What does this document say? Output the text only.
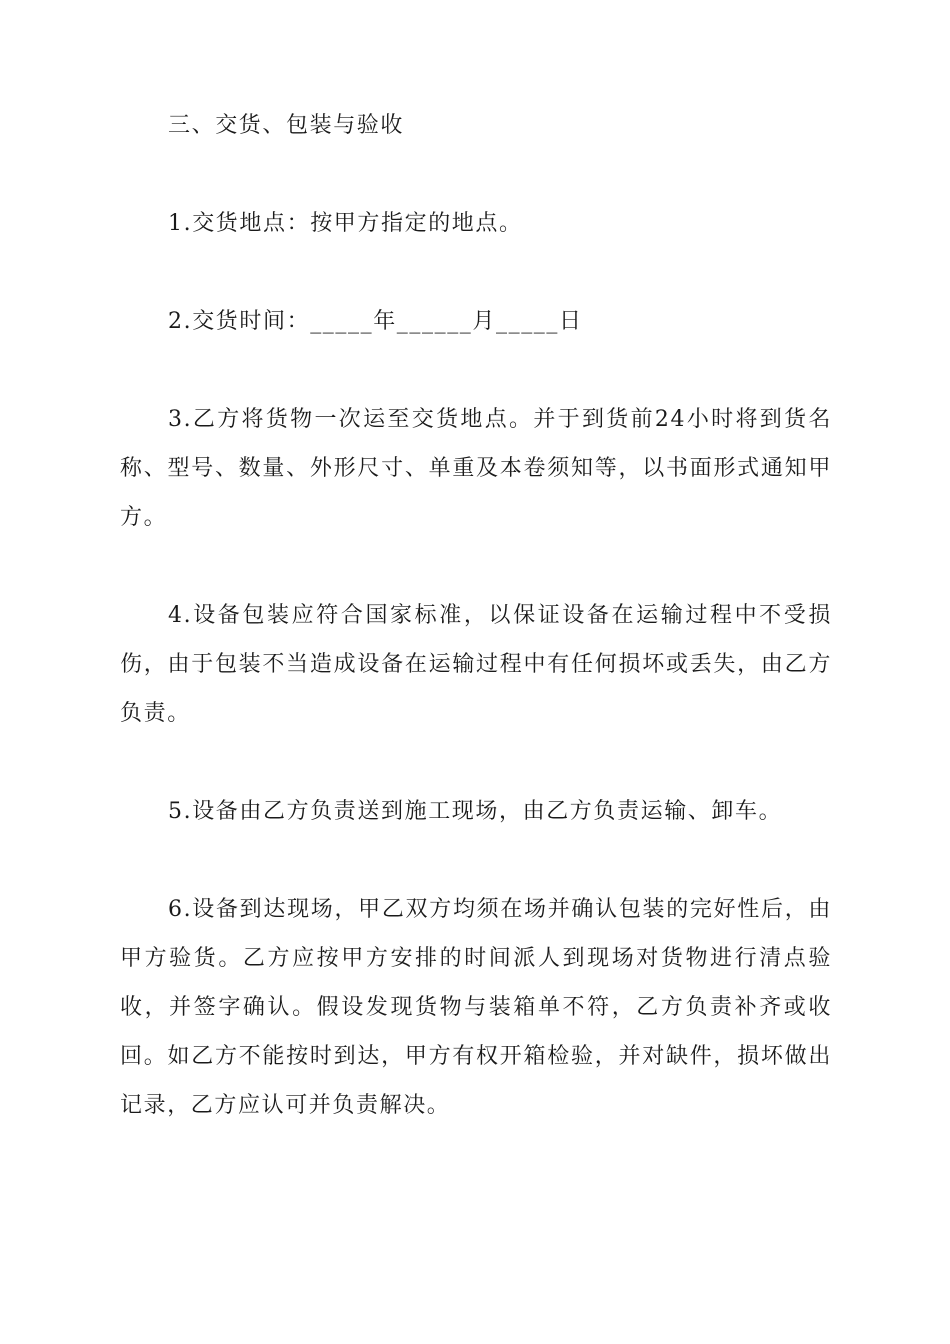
三、交货、包装与验收

1.交货地点：按甲方指定的地点。

2.交货时间：_____年______月_____日

3.乙方将货物一次运至交货地点。并于到货前24小时将到货名称、型号、数量、外形尺寸、单重及本卷须知等，以书面形式通知甲方。

4.设备包装应符合国家标准，以保证设备在运输过程中不受损伤，由于包装不当造成设备在运输过程中有任何损坏或丢失，由乙方负责。

5.设备由乙方负责送到施工现场，由乙方负责运输、卸车。

6.设备到达现场，甲乙双方均须在场并确认包装的完好性后，由甲方验货。乙方应按甲方安排的时间派人到现场对货物进行清点验收，并签字确认。假设发现货物与装箱单不符，乙方负责补齐或收回。如乙方不能按时到达，甲方有权开箱检验，并对缺件，损坏做出记录，乙方应认可并负责解决。
